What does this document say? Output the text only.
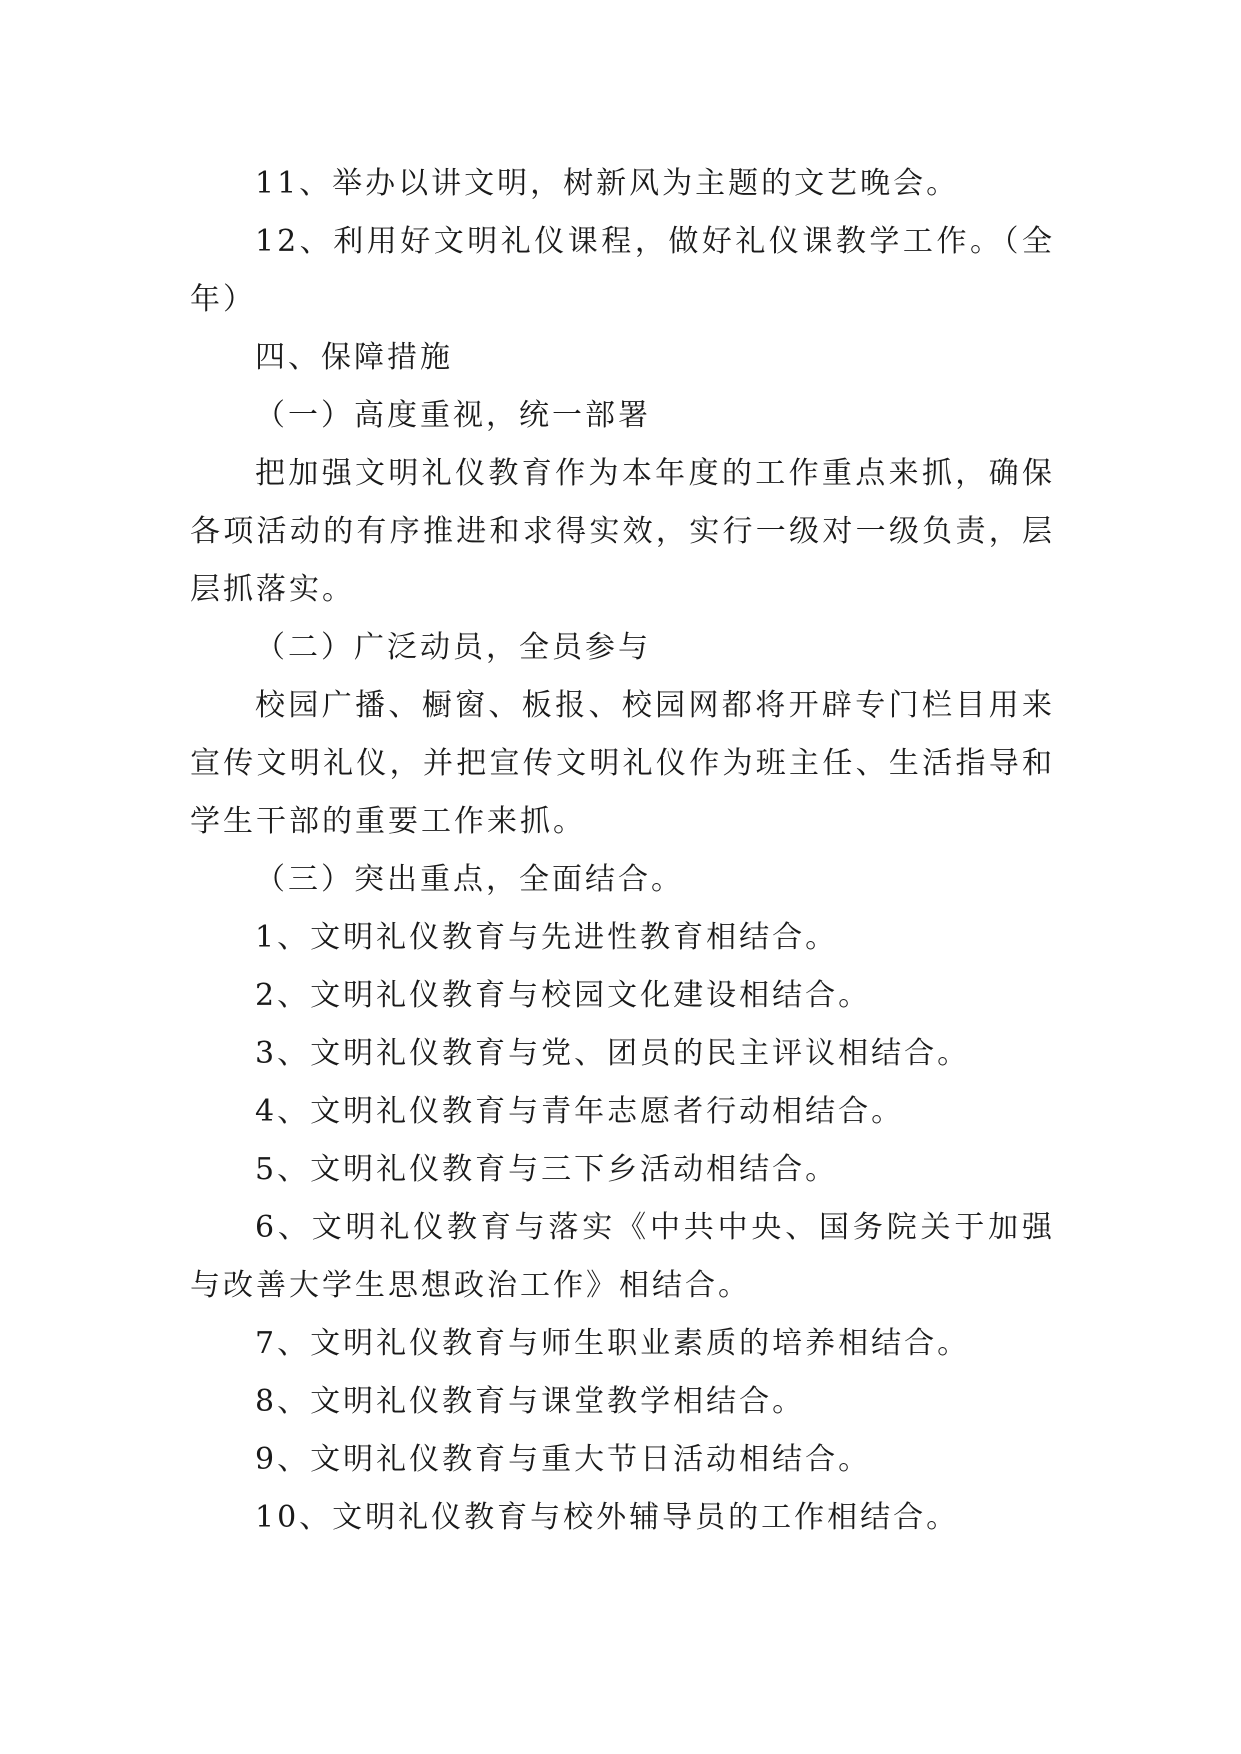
11、举办以讲文明，树新风为主题的文艺晚会。

12、利用好文明礼仪课程，做好礼仪课教学工作。（全

年）

四、保障措施

（一）高度重视，统一部署

把加强文明礼仪教育作为本年度的工作重点来抓，确保

各项活动的有序推进和求得实效，实行一级对一级负责，层

层抓落实。

（二）广泛动员，全员参与

校园广播、橱窗、板报、校园网都将开辟专门栏目用来

宣传文明礼仪，并把宣传文明礼仪作为班主任、生活指导和

学生干部的重要工作来抓。

（三）突出重点，全面结合。

1、文明礼仪教育与先进性教育相结合。

2、文明礼仪教育与校园文化建设相结合。

3、文明礼仪教育与党、团员的民主评议相结合。

4、文明礼仪教育与青年志愿者行动相结合。

5、文明礼仪教育与三下乡活动相结合。

6、文明礼仪教育与落实《中共中央、国务院关于加强

与改善大学生思想政治工作》相结合。

7、文明礼仪教育与师生职业素质的培养相结合。

8、文明礼仪教育与课堂教学相结合。

9、文明礼仪教育与重大节日活动相结合。

10、文明礼仪教育与校外辅导员的工作相结合。
